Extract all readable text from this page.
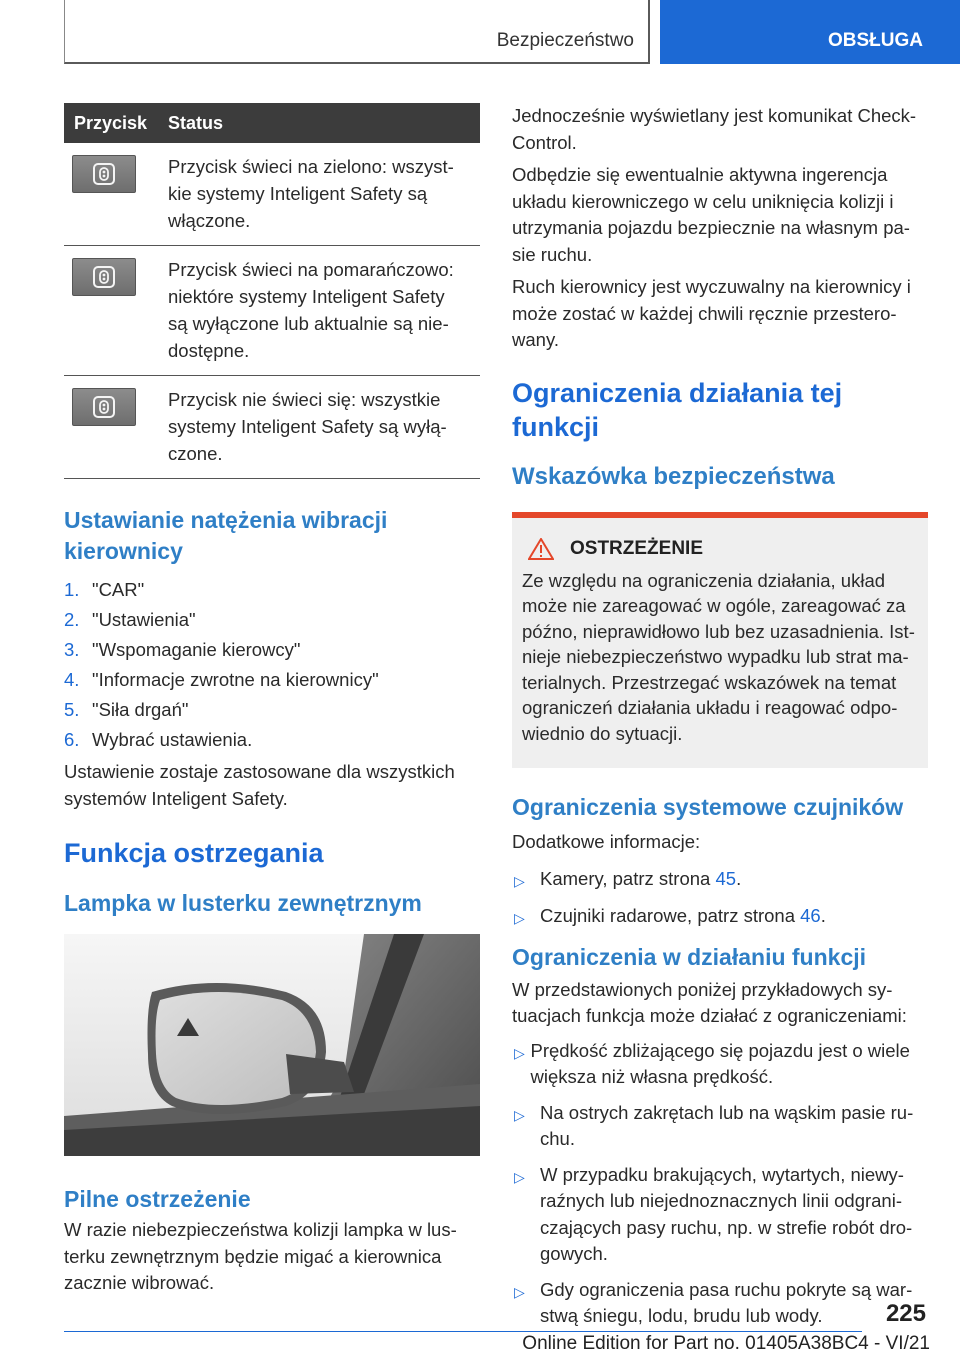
Bezpieczeństwo	OBSŁUGA
Przycisk	Status
Przycisk świeci na zielono: wszyst-
kie systemy Inteligent Safety są
włączone.
Przycisk świeci na pomarańczowo:
niektóre systemy Inteligent Safety
są wyłączone lub aktualnie są nie-
dostępne.
Przycisk nie świeci się: wszystkie
systemy Inteligent Safety są wyłą-
czone.
Ustawianie natężenia wibracji kierownicy
1. "CAR"
2. "Ustawienia"
3. "Wspomaganie kierowcy"
4. "Informacje zwrotne na kierownicy"
5. "Siła drgań"
6. Wybrać ustawienia.

Ustawienie zostaje zastosowane dla wszystkich systemów Inteligent Safety.

Funkcja ostrzegania
Lampka w lusterku zewnętrznym
Pilne ostrzeżenie

W razie niebezpieczeństwa kolizji lampka w lus-
terku zewnętrznym będzie migać a kierownica
zacznie wibrować.

Jednocześnie wyświetlany jest komunikat Check-Control.

Odbędzie się ewentualnie aktywna ingerencja układu kierowniczego w celu uniknięcia kolizji i utrzymania pojazdu bezpiecznie na własnym pa-
sie ruchu.

Ruch kierownicy jest wyczuwalny na kierownicy i może zostać w każdej chwili ręcznie przestero-
wany.

Ograniczenia działania tej funkcji
Wskazówka bezpieczeństwa
OSTRZEŻENIE

Ze względu na ograniczenia działania, układ może nie zareagować w ogóle, zareagować za późno, nieprawidłowo lub bez uzasadnienia. Ist-
nieje niebezpieczeństwo wypadku lub strat ma-
terialnych. Przestrzegać wskazówek na temat ograniczeń działania układu i reagować odpo-
wiednio do sytuacji.

Ograniczenia systemowe czujników

Dodatkowe informacje:

▷ Kamery, patrz strona 45.
▷ Czujniki radarowe, patrz strona 46.
Ograniczenia w działaniu funkcji

W przedstawionych poniżej przykładowych sy-
tuacjach funkcja może działać z ograniczeniami:

▷ Prędkość zbliżającego się pojazdu jest o wiele większa niż własna prędkość.
▷ Na ostrych zakrętach lub na wąskim pasie ru-
chu.
▷ W przypadku brakujących, wytartych, niewy-
raźnych lub niejednoznacznych linii odgrani-
czających pasy ruchu, np. w strefie robót dro-
gowych.
▷ Gdy ograniczenia pasa ruchu pokryte są war-
stwą śniegu, lodu, brudu lub wody.	225
Online Edition for Part no. 01405A38BC4 - VI/21
